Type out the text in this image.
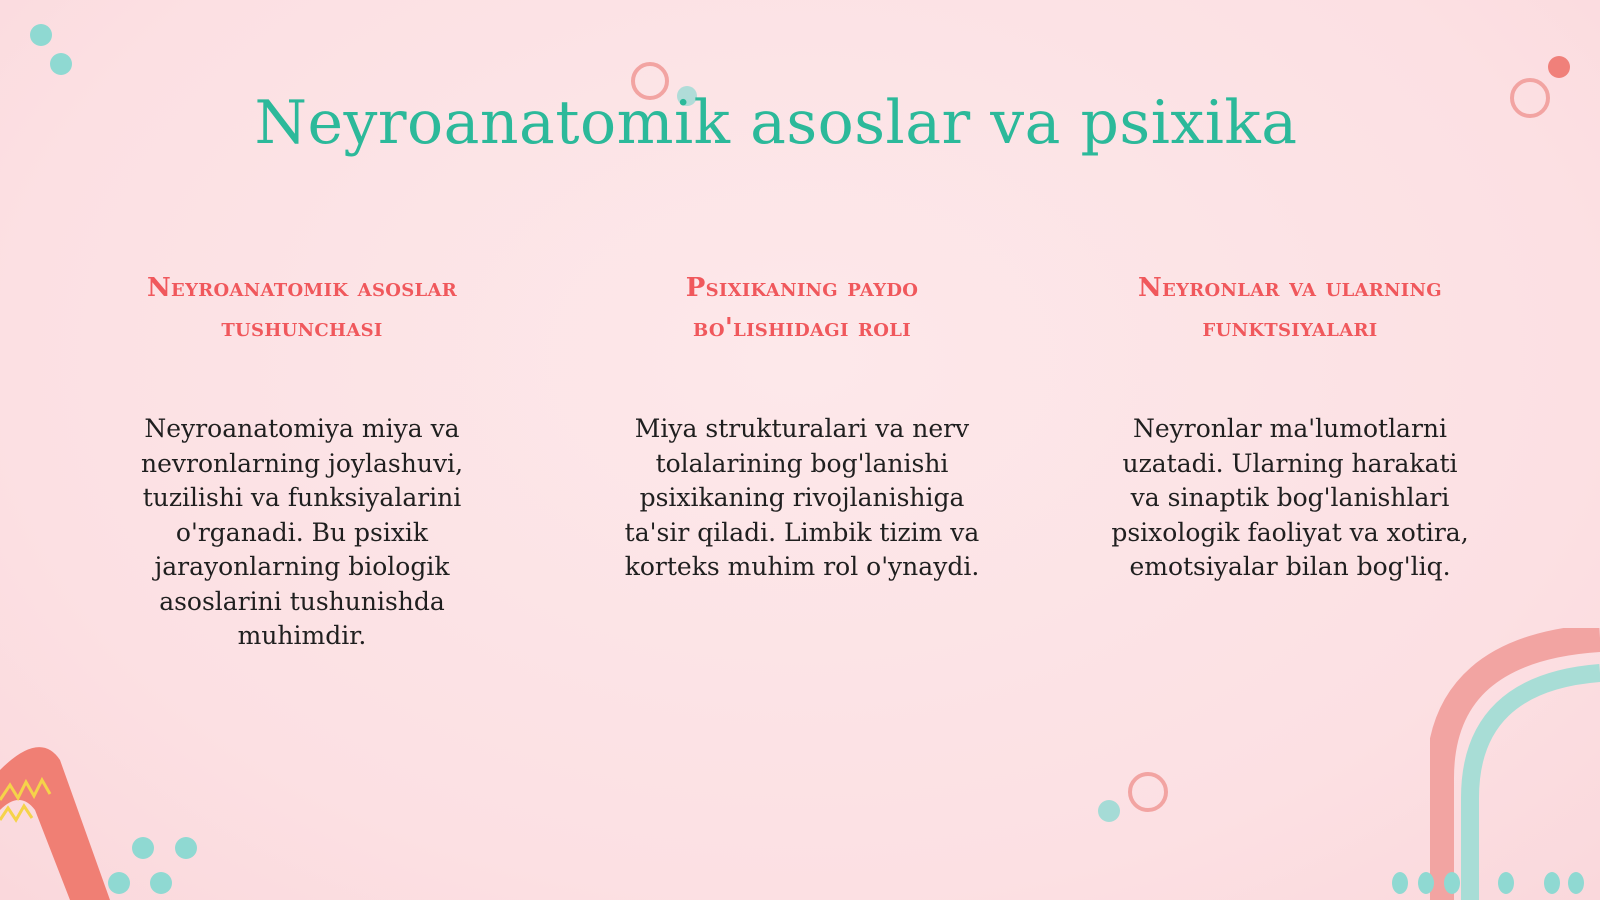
Neyroanatomik asoslar va psixika
Neyroanatomik asoslar tushunchasi
Neyroanatomiya miya va nevronlarning joylashuvi, tuzilishi va funksiyalarini o'rganadi. Bu psixik jarayonlarning biologik asoslarini tushunishda muhimdir.
Psixikaning paydo bo'lishidagi roli
Miya strukturalari va nerv tolalarining bog'lanishi psixikaning rivojlanishiga ta'sir qiladi. Limbik tizim va korteks muhim rol o'ynaydi.
Neyronlar va ularning funktsiyalari
Neyronlar ma'lumotlarni uzatadi. Ularning harakati va sinaptik bog'lanishlari psixologik faoliyat va xotira, emotsiyalar bilan bog'liq.
